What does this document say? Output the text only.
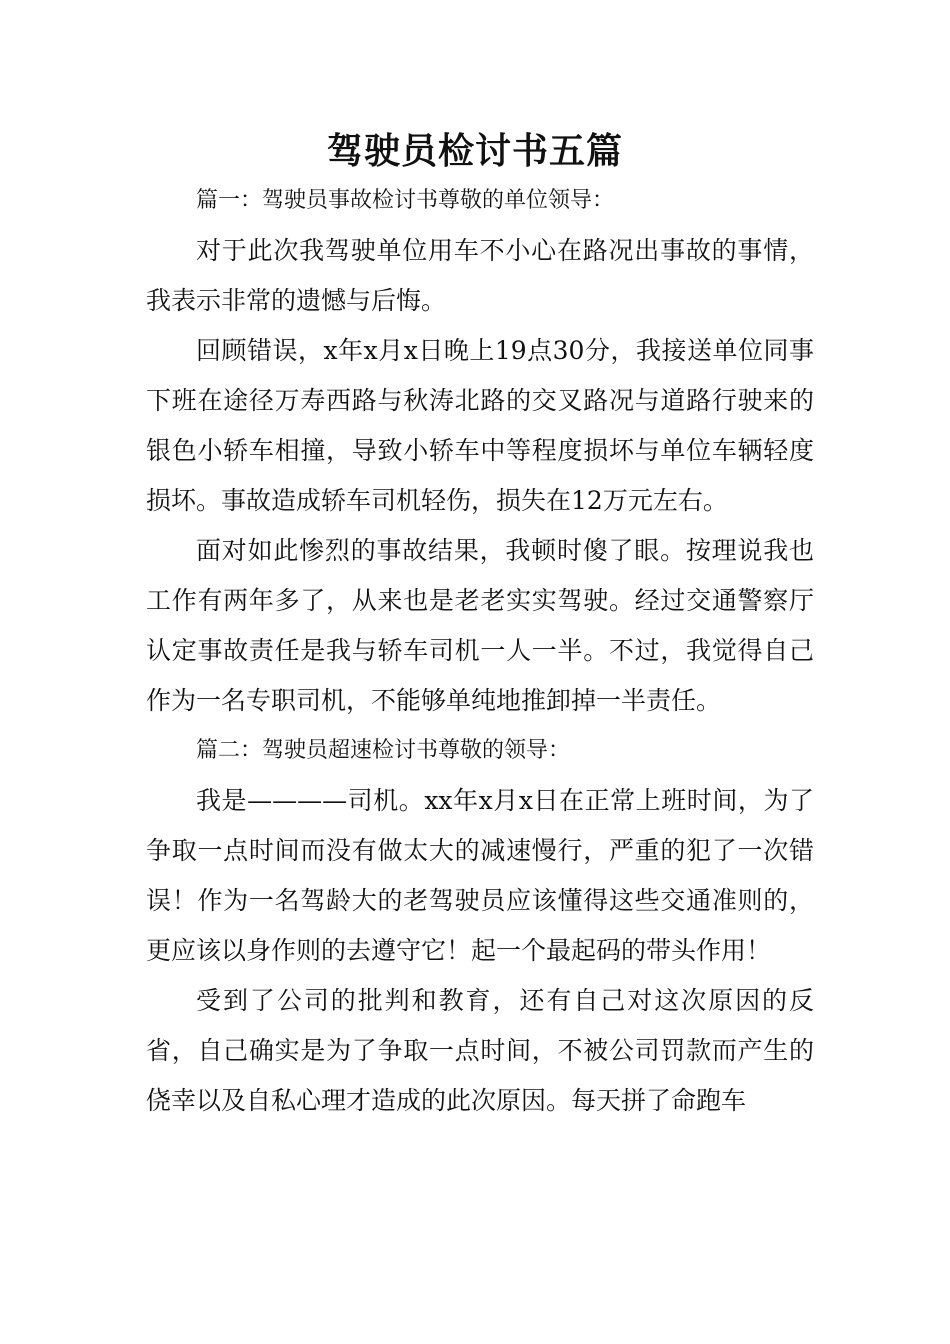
驾驶员检讨书五篇

篇一：驾驶员事故检讨书尊敬的单位领导：

对于此次我驾驶单位用车不小心在路况出事故的事情，我表示非常的遗憾与后悔。

回顾错误，x年x月x日晚上19点30分，我接送单位同事下班在途径万寿西路与秋涛北路的交叉路况与道路行驶来的银色小轿车相撞，导致小轿车中等程度损坏与单位车辆轻度损坏。事故造成轿车司机轻伤，损失在12万元左右。

面对如此惨烈的事故结果，我顿时傻了眼。按理说我也工作有两年多了，从来也是老老实实驾驶。经过交通警察厅认定事故责任是我与轿车司机一人一半。不过，我觉得自己作为一名专职司机，不能够单纯地推卸掉一半责任。

篇二：驾驶员超速检讨书尊敬的领导：

我是————司机。xx年x月x日在正常上班时间，为了争取一点时间而没有做太大的减速慢行，严重的犯了一次错误！作为一名驾龄大的老驾驶员应该懂得这些交通准则的，更应该以身作则的去遵守它！起一个最起码的带头作用！

受到了公司的批判和教育，还有自己对这次原因的反省，自己确实是为了争取一点时间，不被公司罚款而产生的侥幸以及自私心理才造成的此次原因。每天拼了命跑车
